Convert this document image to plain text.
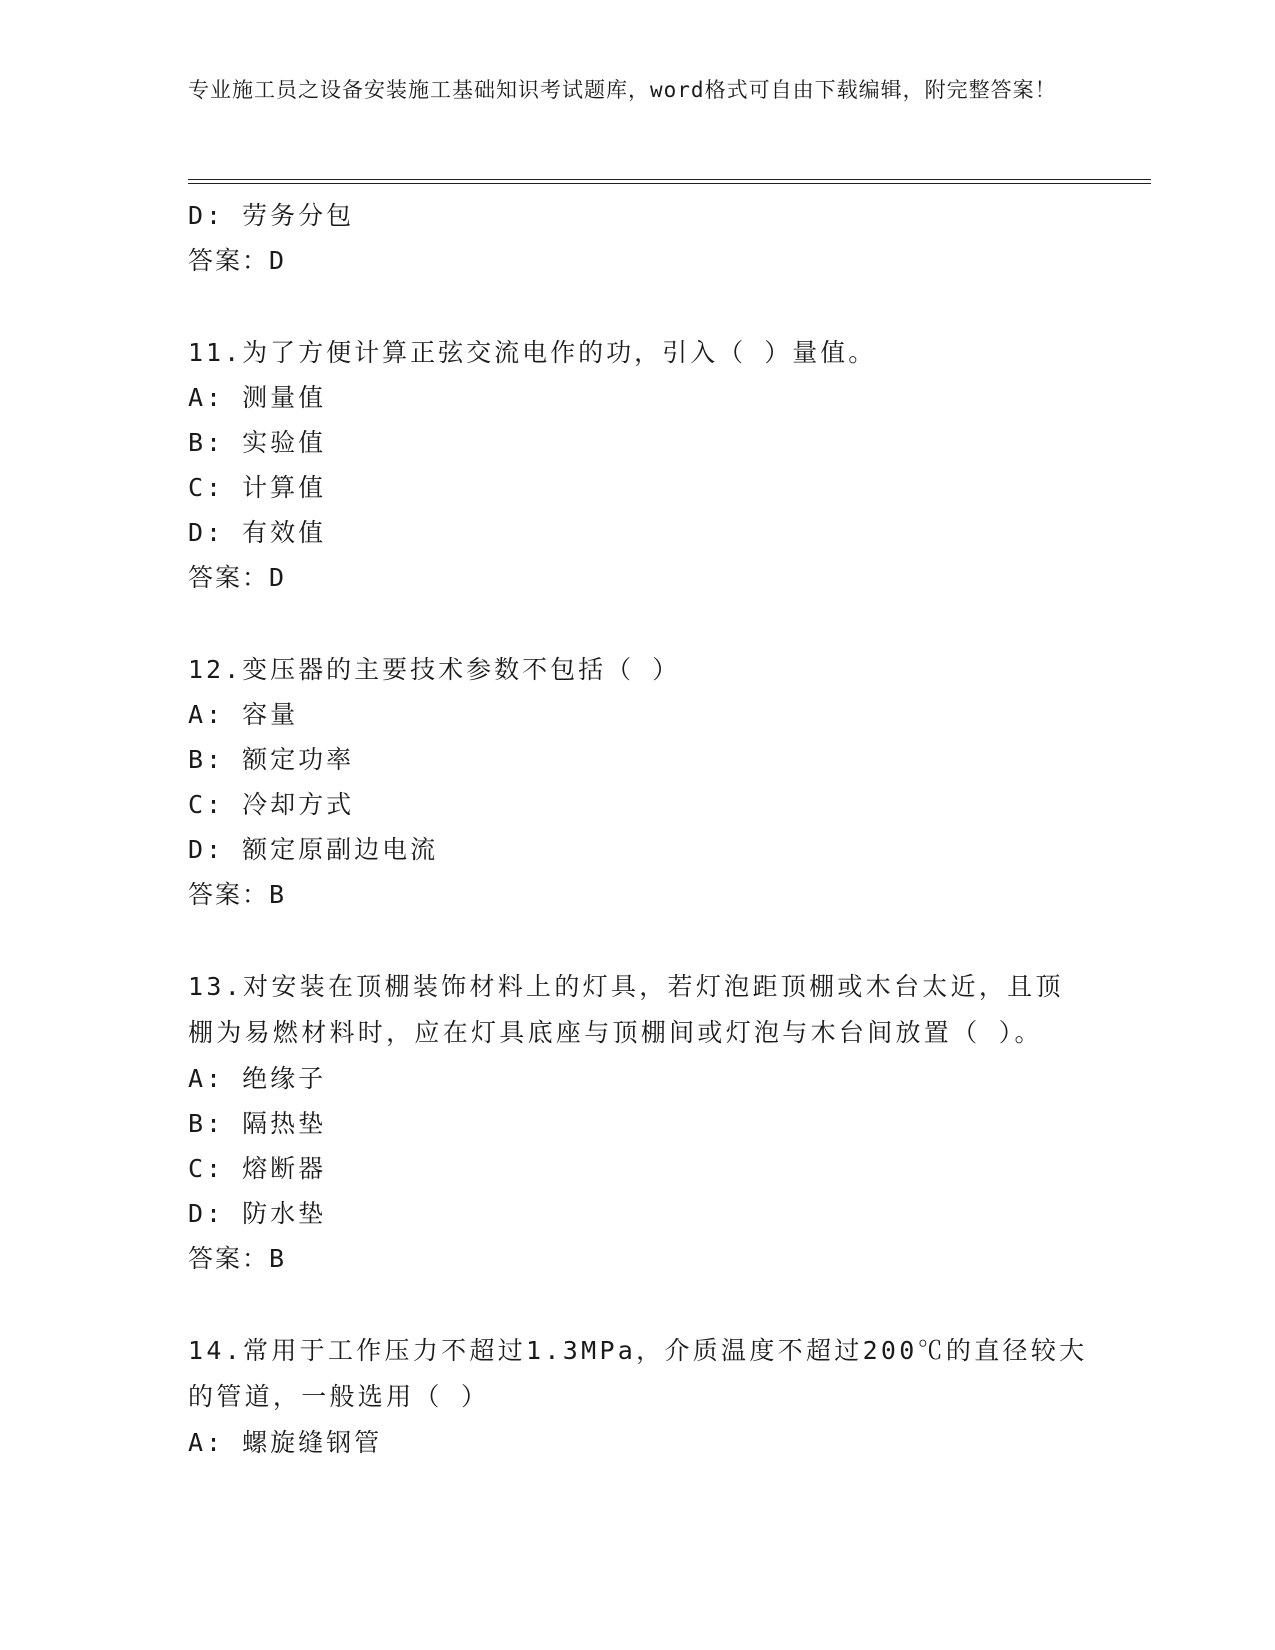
专业施工员之设备安装施工基础知识考试题库，word格式可自由下载编辑，附完整答案！
D: 劳务分包
答案：D
11.为了方便计算正弦交流电作的功，引入（ ）量值。
A: 测量值
B: 实验值
C: 计算值
D: 有效值
答案：D
12.变压器的主要技术参数不包括（ ）
A: 容量
B: 额定功率
C: 冷却方式
D: 额定原副边电流
答案：B
13.对安装在顶棚装饰材料上的灯具，若灯泡距顶棚或木台太近，且顶棚为易燃材料时，应在灯具底座与顶棚间或灯泡与木台间放置（ ）。
A: 绝缘子
B: 隔热垫
C: 熔断器
D: 防水垫
答案：B
14.常用于工作压力不超过1.3MPa，介质温度不超过200℃的直径较大的管道，一般选用（ ）
A: 螺旋缝钢管
